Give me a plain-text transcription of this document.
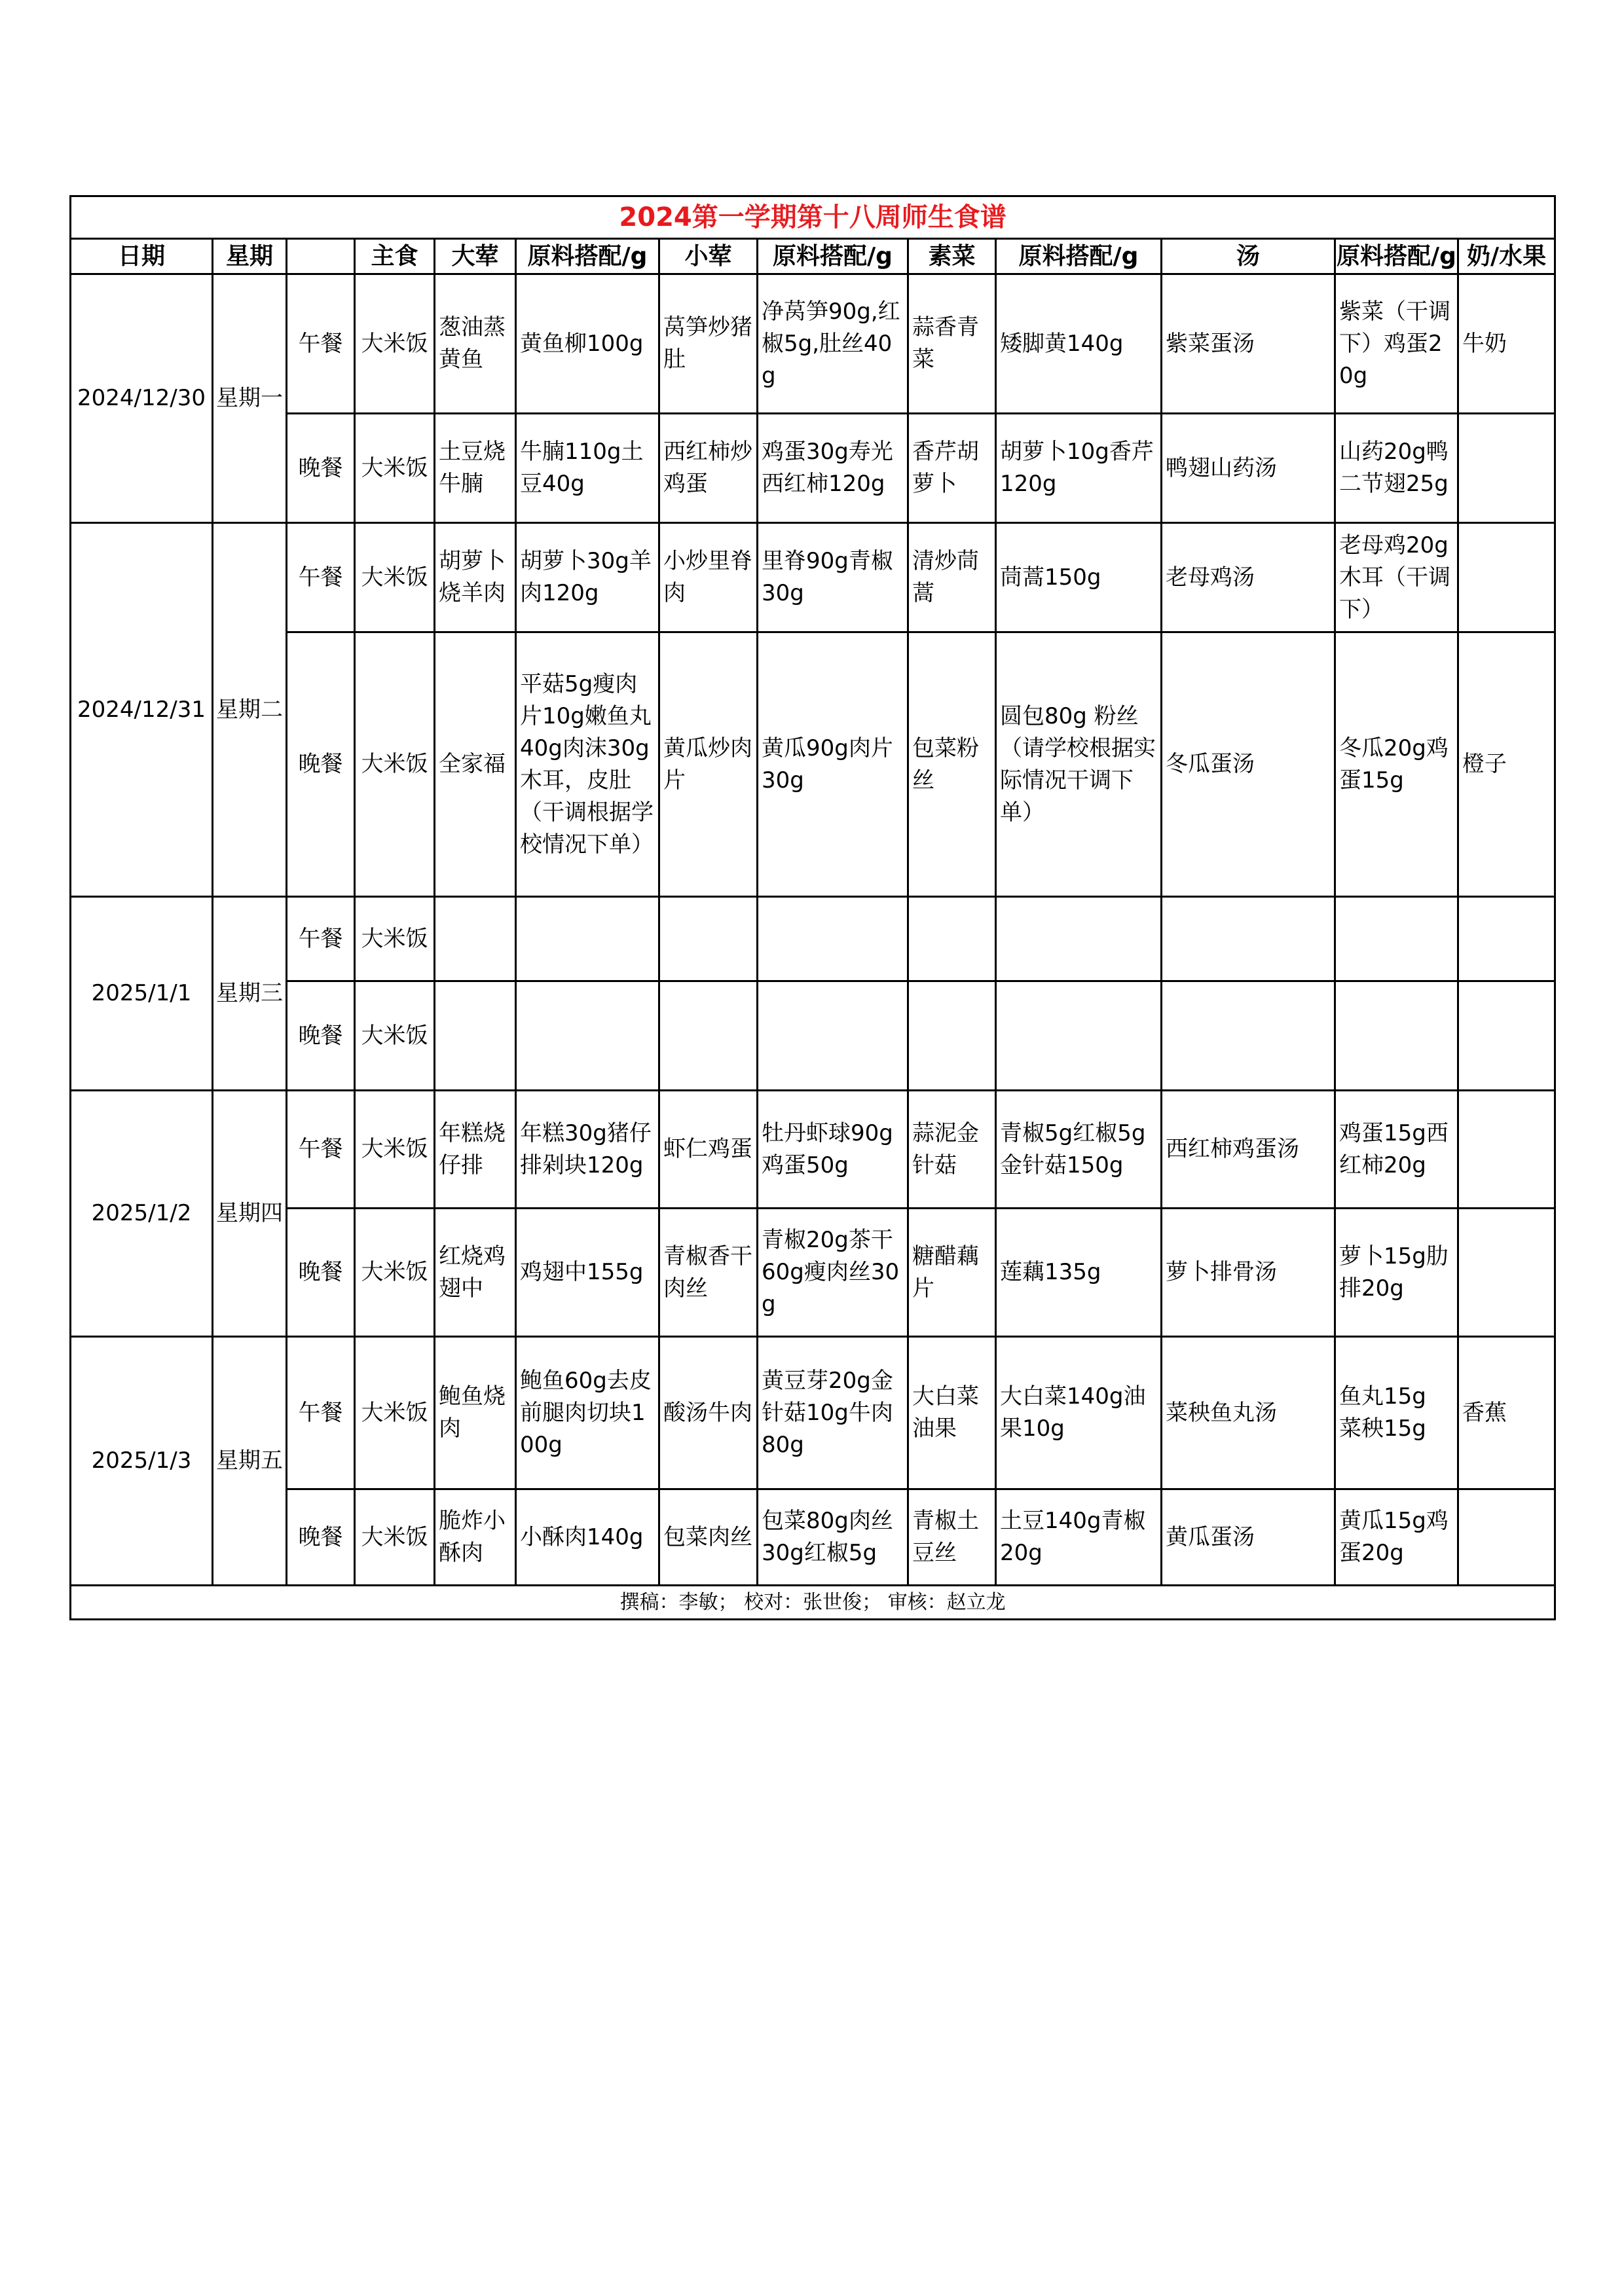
2024第一学期第十八周师生食谱												
日期	星期		主食	大荤	原料搭配/g	小荤	原料搭配/g	素菜	原料搭配/g	汤	原料搭配/g	奶/水果
2024/12/30	星期一	午餐	大米饭	葱油蒸黄鱼	黄鱼柳100g	莴笋炒猪肚	净莴笋90g,红椒5g,肚丝40g	蒜香青菜	矮脚黄140g	紫菜蛋汤	紫菜（干调下）鸡蛋20g	牛奶
		晚餐	大米饭	土豆烧牛腩	牛腩110g土豆40g	西红柿炒鸡蛋	鸡蛋30g寿光西红柿120g	香芹胡萝卜	胡萝卜10g香芹120g	鸭翅山药汤	山药20g鸭二节翅25g	
2024/12/31	星期二	午餐	大米饭	胡萝卜烧羊肉	胡萝卜30g羊肉120g	小炒里脊肉	里脊90g青椒30g	清炒茼蒿	茼蒿150g	老母鸡汤	老母鸡20g木耳（干调下）	
		晚餐	大米饭	全家福	平菇5g瘦肉片10g嫩鱼丸40g肉沫30g木耳，皮肚（干调根据学校情况下单）	黄瓜炒肉片	黄瓜90g肉片30g	包菜粉丝	圆包80g 粉丝（请学校根据实际情况干调下单）	冬瓜蛋汤	冬瓜20g鸡蛋15g	橙子
2025/1/1	星期三	午餐	大米饭									
		晚餐	大米饭									
2025/1/2	星期四	午餐	大米饭	年糕烧仔排	年糕30g猪仔排剁块120g	虾仁鸡蛋	牡丹虾球90g鸡蛋50g	蒜泥金针菇	青椒5g红椒5g金针菇150g	西红柿鸡蛋汤	鸡蛋15g西红柿20g	
		晚餐	大米饭	红烧鸡翅中	鸡翅中155g	青椒香干肉丝	青椒20g茶干60g瘦肉丝30g	糖醋藕片	莲藕135g	萝卜排骨汤	萝卜15g肋排20g	
2025/1/3	星期五	午餐	大米饭	鲍鱼烧肉	鲍鱼60g去皮前腿肉切块100g	酸汤牛肉	黄豆芽20g金针菇10g牛肉80g	大白菜油果	大白菜140g油果10g	菜秧鱼丸汤	鱼丸15g 菜秧15g	香蕉
		晚餐	大米饭	脆炸小酥肉	小酥肉140g	包菜肉丝	包菜80g肉丝30g红椒5g	青椒土豆丝	土豆140g青椒20g	黄瓜蛋汤	黄瓜15g鸡蛋20g	
撰稿：李敏； 校对：张世俊； 审核：赵立龙												
